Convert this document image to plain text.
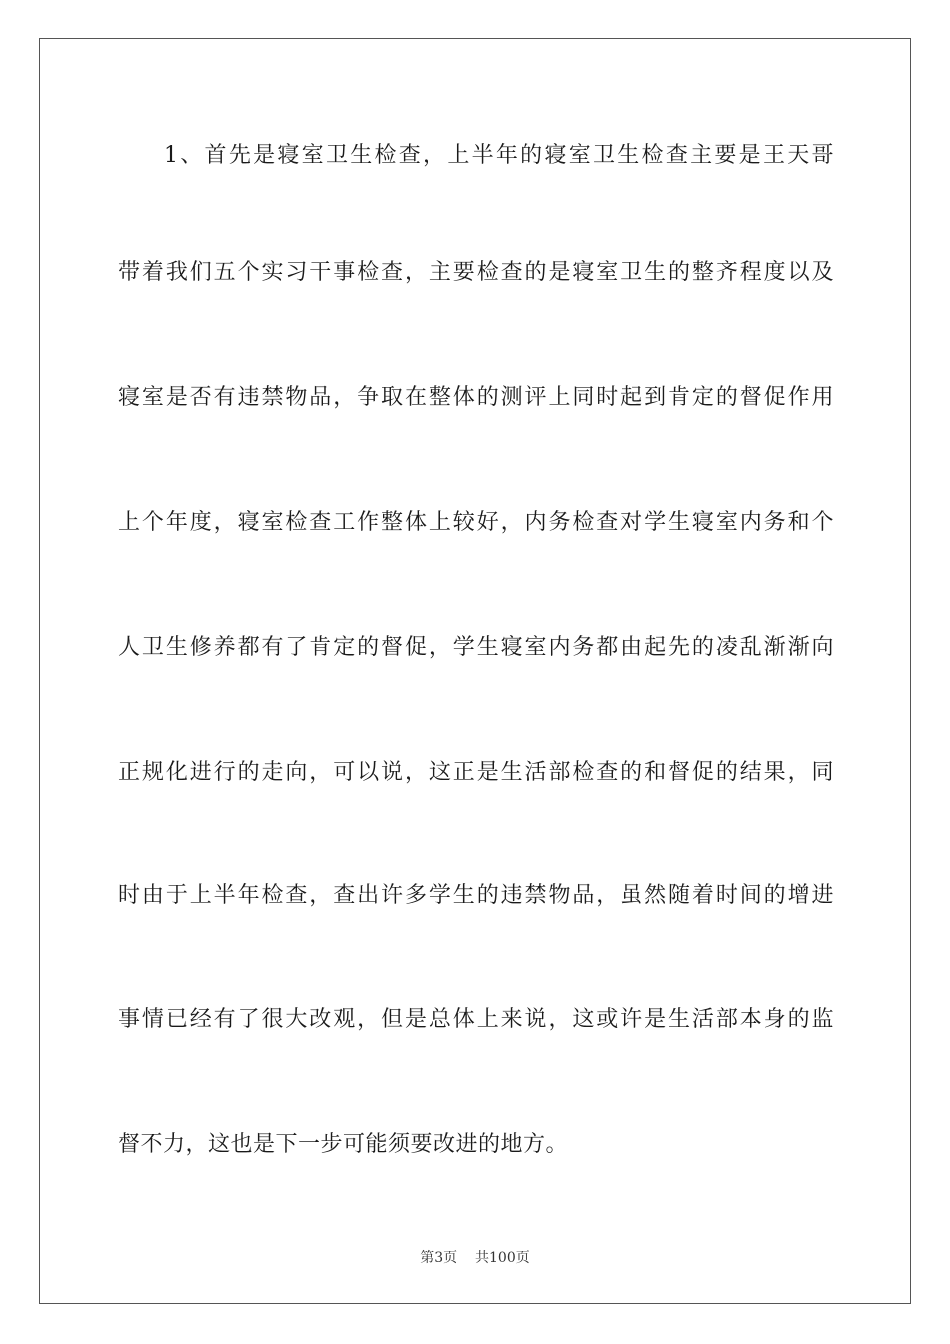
1、首先是寝室卫生检查，上半年的寝室卫生检查主要是王天哥
带着我们五个实习干事检查，主要检查的是寝室卫生的整齐程度以及
寝室是否有违禁物品，争取在整体的测评上同时起到肯定的督促作用
上个年度，寝室检查工作整体上较好，内务检查对学生寝室内务和个
人卫生修养都有了肯定的督促，学生寝室内务都由起先的凌乱渐渐向
正规化进行的走向，可以说，这正是生活部检查的和督促的结果，同
时由于上半年检查，查出许多学生的违禁物品，虽然随着时间的增进
事情已经有了很大改观，但是总体上来说，这或许是生活部本身的监
督不力，这也是下一步可能须要改进的地方。
第3页 共100页
